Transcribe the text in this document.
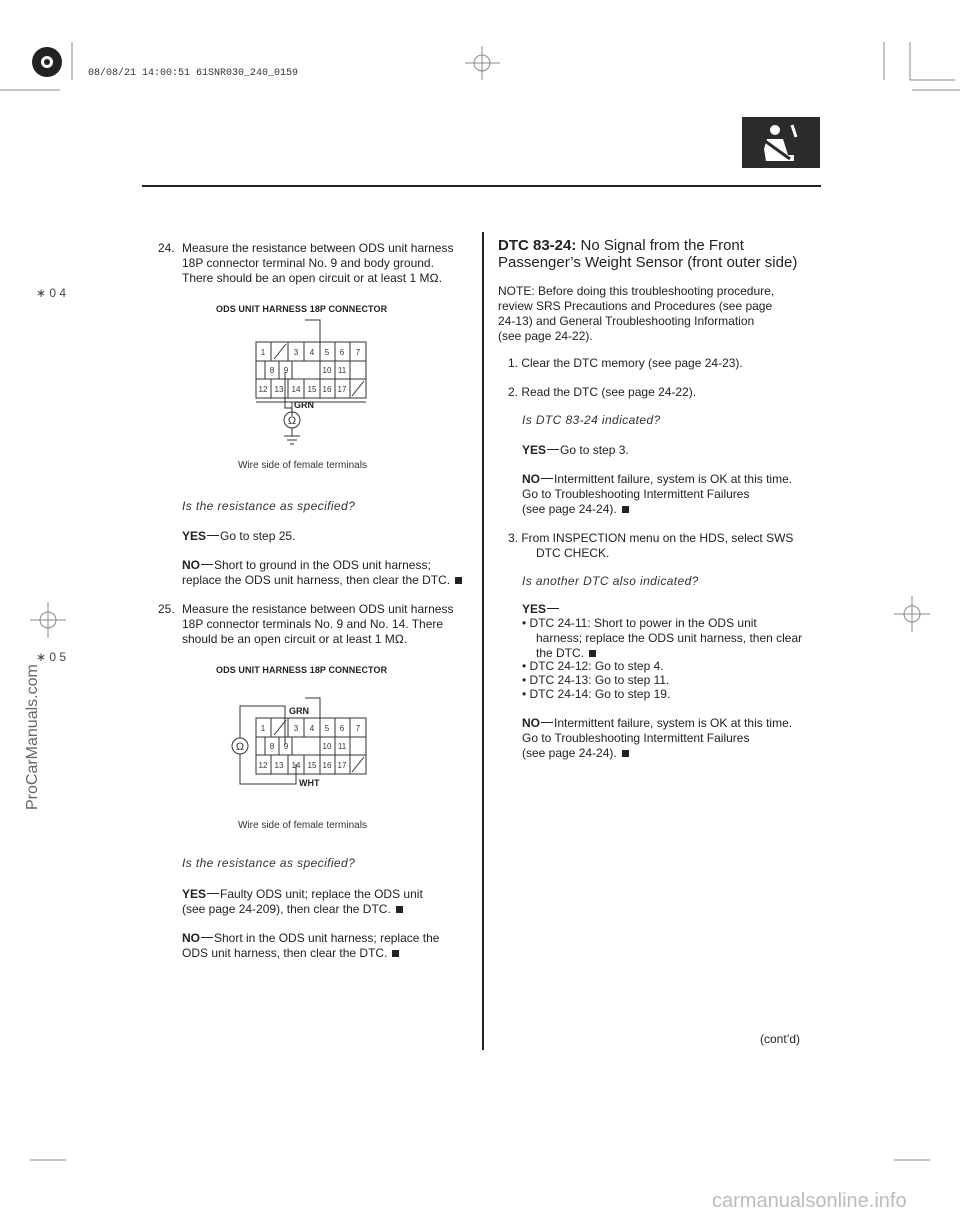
08/08/21 14:00:51 61SNR030_240_0159
∗ 0 4
∗ 0 5
ProCarManuals.com
carmanualsonline.info
24. Measure the resistance between ODS unit harness
18P connector terminal No. 9 and body ground.
There should be an open circuit or at least 1 MΩ.
ODS UNIT HARNESS 18P CONNECTOR
Ω
1	3 4 5 6 7
8 9	10 11
12 13 14 15 16 17
GRN
Wire side of female terminals
Is the resistance as specified?
YES Go to step 25.
NO Short to ground in the ODS unit harness;
replace the ODS unit harness, then clear the DTC.
25. Measure the resistance between ODS unit harness
18P connector terminals No. 9 and No. 14. There
should be an open circuit or at least 1 MΩ.
ODS UNIT HARNESS 18P CONNECTOR
Ω
1	3 4 5 6 7
8 9	10 11
12 13 14 15 16 17
GRN
WHT
Wire side of female terminals
Is the resistance as specified?
YES Faulty ODS unit; replace the ODS unit
(see page 24-209), then clear the DTC.
NO Short in the ODS unit harness; replace the
ODS unit harness, then clear the DTC.
DTC 83-24: No Signal from the Front
Passenger’s Weight Sensor (front outer side)
NOTE: Before doing this troubleshooting procedure,
review SRS Precautions and Procedures (see page
24-13) and General Troubleshooting Information
(see page 24-22).
1. Clear the DTC memory (see page 24-23).
2. Read the DTC (see page 24-22).
Is DTC 83-24 indicated?
YES Go to step 3.
NO Intermittent failure, system is OK at this time.
Go to Troubleshooting Intermittent Failures
(see page 24-24).
3. From INSPECTION menu on the HDS, select SWS
DTC CHECK.
Is another DTC also indicated?
YES
• DTC 24-11: Short to power in the ODS unit
harness; replace the ODS unit harness, then clear
the DTC.
• DTC 24-12: Go to step 4.
• DTC 24-13: Go to step 11.
• DTC 24-14: Go to step 19.
NO Intermittent failure, system is OK at this time.
Go to Troubleshooting Intermittent Failures
(see page 24-24).
(cont’d)
